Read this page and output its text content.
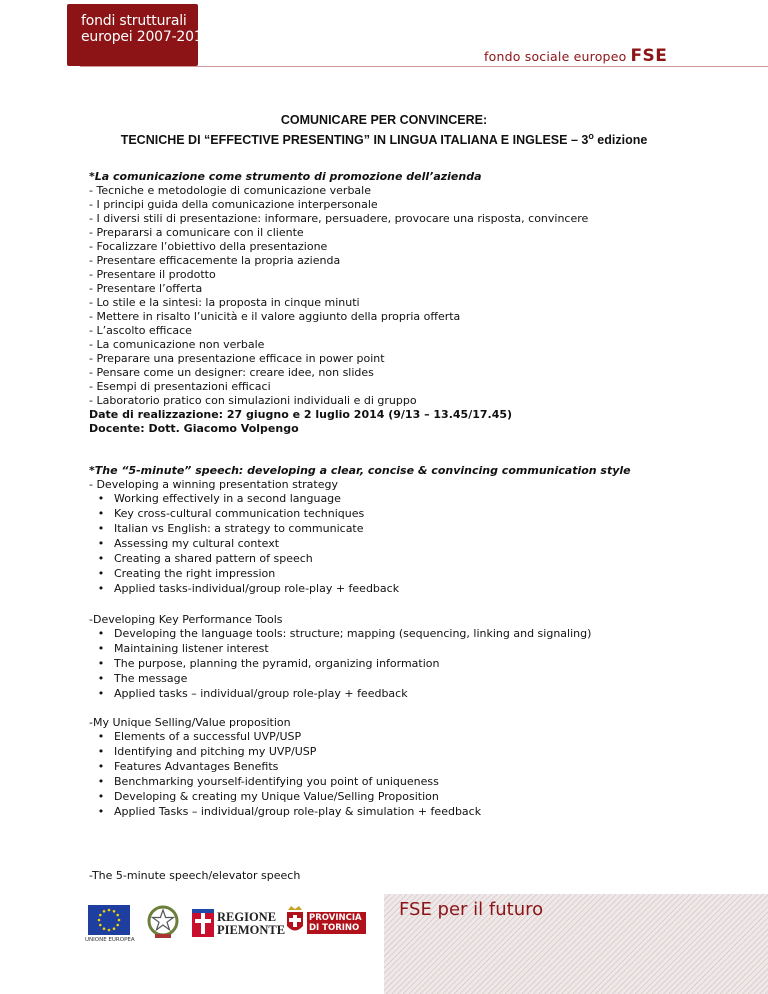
fondi strutturali
europei 2007-2013
fondo sociale europeo FSE
COMUNICARE PER CONVINCERE:
TECNICHE DI “EFFECTIVE PRESENTING” IN LINGUA ITALIANA E INGLESE – 3$^o$ edizione
*La comunicazione come strumento di promozione dell’azienda
- Tecniche e metodologie di comunicazione verbale
- I principi guida della comunicazione interpersonale
- I diversi stili di presentazione: informare, persuadere, provocare una risposta, convincere
- Prepararsi a comunicare con il cliente
- Focalizzare l’obiettivo della presentazione
- Presentare efficacemente la propria azienda
- Presentare il prodotto
- Presentare l’offerta
- Lo stile e la sintesi: la proposta in cinque minuti
- Mettere in risalto l’unicità e il valore aggiunto della propria offerta
- L’ascolto efficace
- La comunicazione non verbale
- Preparare una presentazione efficace in power point
- Pensare come un designer: creare idee, non slides
- Esempi di presentazioni efficaci
- Laboratorio pratico con simulazioni individuali e di gruppo
Date di realizzazione: 27 giugno e 2 luglio 2014 (9/13 – 13.45/17.45)
Docente: Dott. Giacomo Volpengo
*The “5-minute” speech: developing a clear, concise & convincing communication style
- Developing a winning presentation strategy
• Working effectively in a second language
• Key cross-cultural communication techniques
• Italian vs English: a strategy to communicate
• Assessing my cultural context
• Creating a shared pattern of speech
• Creating the right impression
• Applied tasks-individual/group role-play + feedback
-Developing Key Performance Tools
• Developing the language tools: structure; mapping (sequencing, linking and signaling)
• Maintaining listener interest
• The purpose, planning the pyramid, organizing information
• The message
• Applied tasks – individual/group role-play + feedback
-My Unique Selling/Value proposition
• Elements of a successful UVP/USP
• Identifying and pitching my UVP/USP
• Features Advantages Benefits
• Benchmarking yourself-identifying you point of uniqueness
• Developing & creating my Unique Value/Selling Proposition
• Applied Tasks – individual/group role-play & simulation + feedback
-The 5-minute speech/elevator speech
UNIONE EUROPEA
REGIONE
PIEMONTE
PROVINCIA
DI TORINO
FSE per il futuro
